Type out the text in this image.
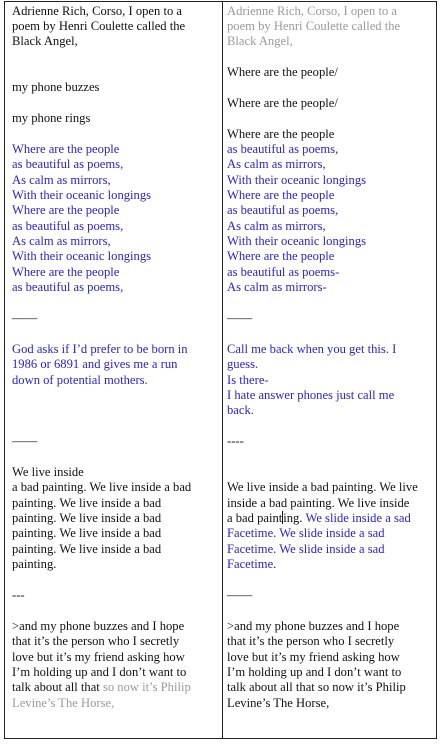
Adrienne Rich, Corso, I open to a
poem by Henri Coulette called the
Black Angel,
my phone buzzes
my phone rings
Where are the people
as beautiful as poems,
As calm as mirrors,
With their oceanic longings
Where are the people
as beautiful as poems,
As calm as mirrors,
With their oceanic longings
Where are the people
as beautiful as poems,
——
God asks if I’d prefer to be born in
1986 or 6891 and gives me a run
down of potential mothers.
——
We live inside
a bad painting. We live inside a bad
painting. We live inside a bad
painting. We live inside a bad
painting. We live inside a bad
painting. We live inside a bad
painting.
---
>and my phone buzzes and I hope
that it’s the person who I secretly
love but it’s my friend asking how
I’m holding up and I don’t want to
talk about all that so now it’s Philip
Levine’s The Horse,
Adrienne Rich, Corso, I open to a
poem by Henri Coulette called the
Black Angel,
Where are the people/
Where are the people/
Where are the people
as beautiful as poems,
As calm as mirrors,
With their oceanic longings
Where are the people
as beautiful as poems,
As calm as mirrors,
With their oceanic longings
Where are the people
as beautiful as poems-
As calm as mirrors-
——
Call me back when you get this. I
guess.
Is there-
I hate answer phones just call me
back.
----
We live inside a bad painting. We live
inside a bad painting. We live inside
a bad painting. We slide inside a sad
Facetime. We slide inside a sad
Facetime. We slide inside a sad
Facetime.
——
>and my phone buzzes and I hope
that it’s the person who I secretly
love but it’s my friend asking how
I’m holding up and I don’t want to
talk about all that so now it’s Philip
Levine’s The Horse,
